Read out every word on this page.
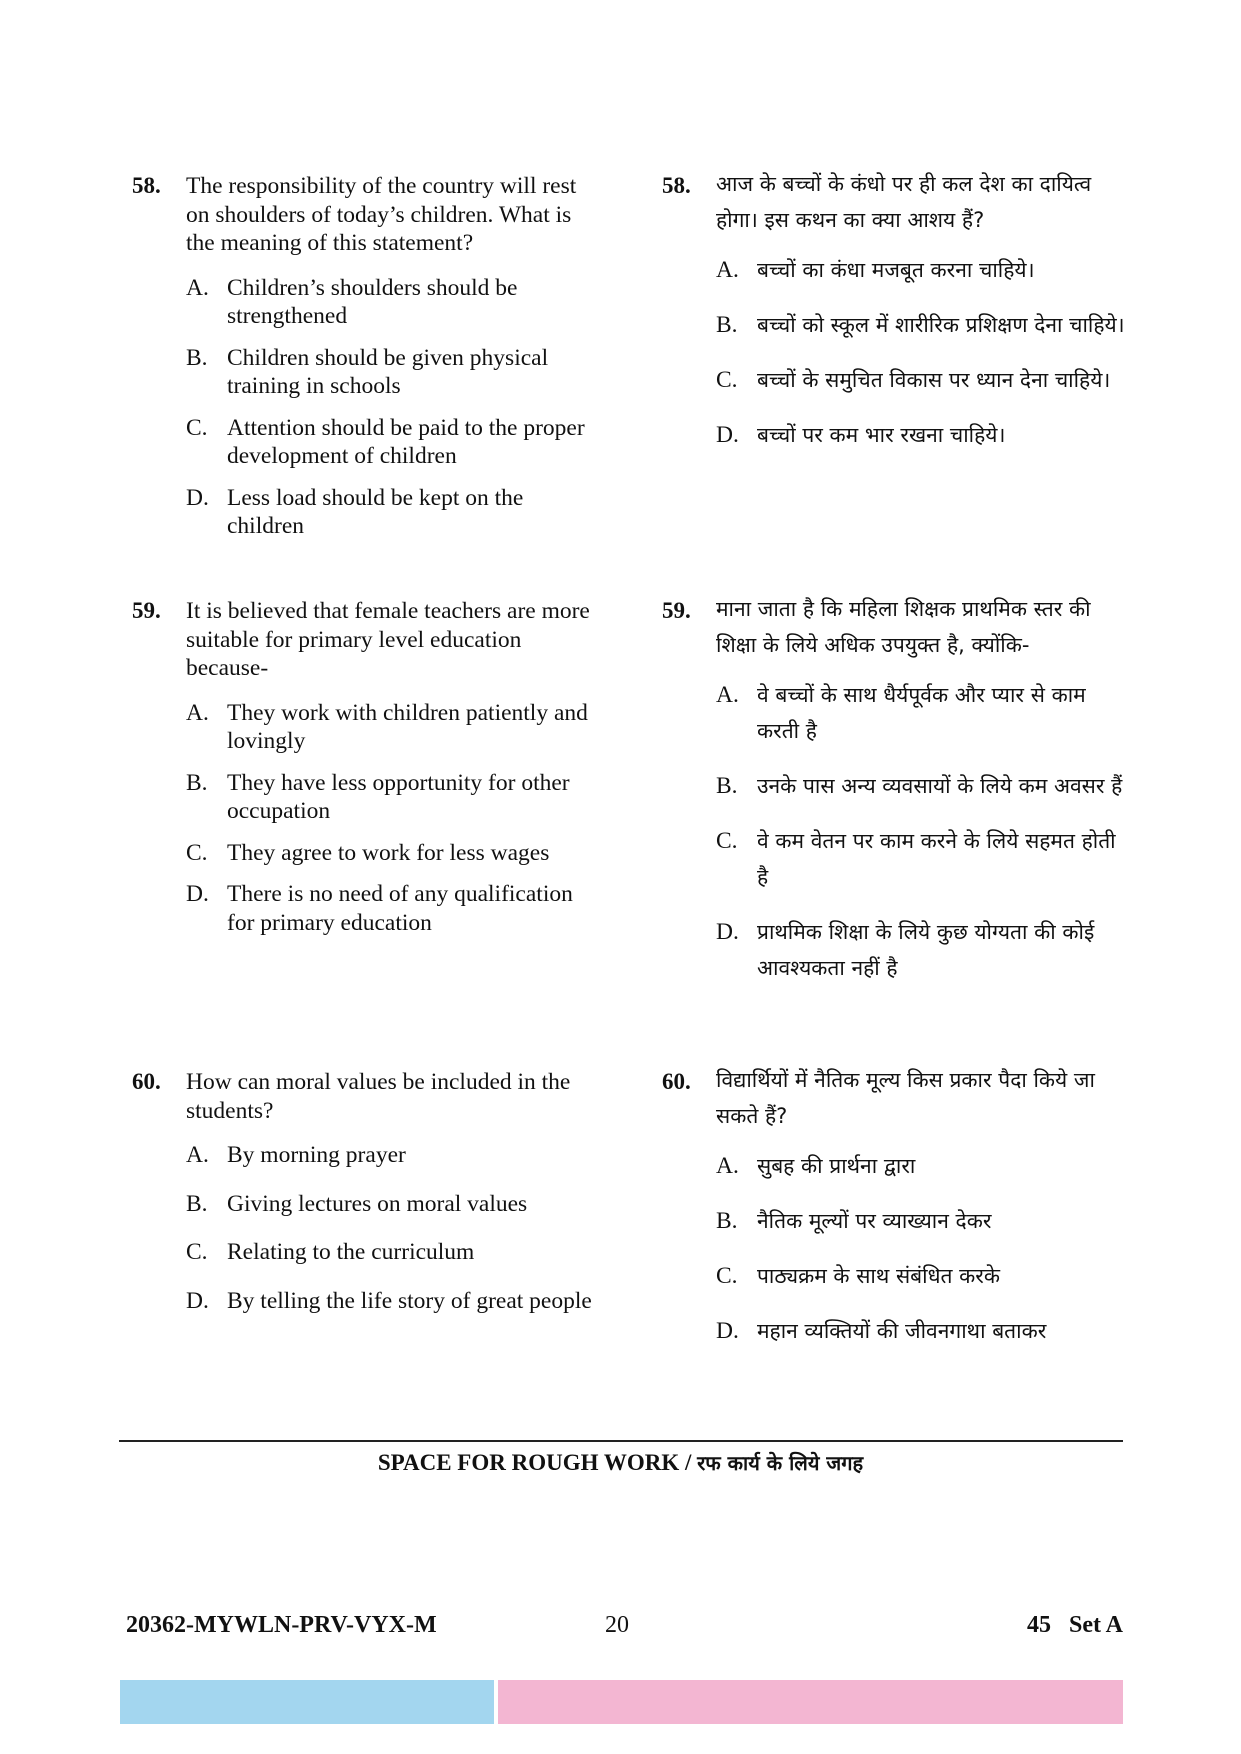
58.	The responsibility of the country will rest on shoulders of today’s children. What is the meaning of this statement?
A. Children’s shoulders should be strengthened
B. Children should be given physical training in schools
C. Attention should be paid to the proper development of children
D. Less load should be kept on the children
59.	It is believed that female teachers are more suitable for primary level education because-
A. They work with children patiently and lovingly
B. They have less opportunity for other occupation
C. They agree to work for less wages
D. There is no need of any qualification for primary education
60.	How can moral values be included in the students?
A. By morning prayer
B. Giving lectures on moral values
C. Relating to the curriculum
D. By telling the life story of great people
58.	आज के बच्चों के कंधो पर ही कल देश का दायित्व होगा। इस कथन का क्या आशय हैं?
A. बच्चों का कंधा मजबूत करना चाहिये।
B. बच्चों को स्कूल में शारीरिक प्रशिक्षण देना चाहिये।
C. बच्चों के समुचित विकास पर ध्यान देना चाहिये।
D. बच्चों पर कम भार रखना चाहिये।
59.	माना जाता है कि महिला शिक्षक प्राथमिक स्तर की शिक्षा के लिये अधिक उपयुक्त है, क्योंकि-
A. वे बच्चों के साथ धैर्यपूर्वक और प्यार से काम करती है
B. उनके पास अन्य व्यवसायों के लिये कम अवसर हैं
C. वे कम वेतन पर काम करने के लिये सहमत होती है
D. प्राथमिक शिक्षा के लिये कुछ योग्यता की कोई आवश्यकता नहीं है
60.	विद्यार्थियों में नैतिक मूल्य किस प्रकार पैदा किये जा सकते हैं?
A. सुबह की प्रार्थना द्वारा
B. नैतिक मूल्यों पर व्याख्यान देकर
C. पाठ्यक्रम के साथ संबंधित करके
D. महान व्यक्तियों की जीवनगाथा बताकर
SPACE FOR ROUGH WORK / रफ कार्य के लिये जगह
20362-MYWLN-PRV-VYX-M	20	45   Set A
